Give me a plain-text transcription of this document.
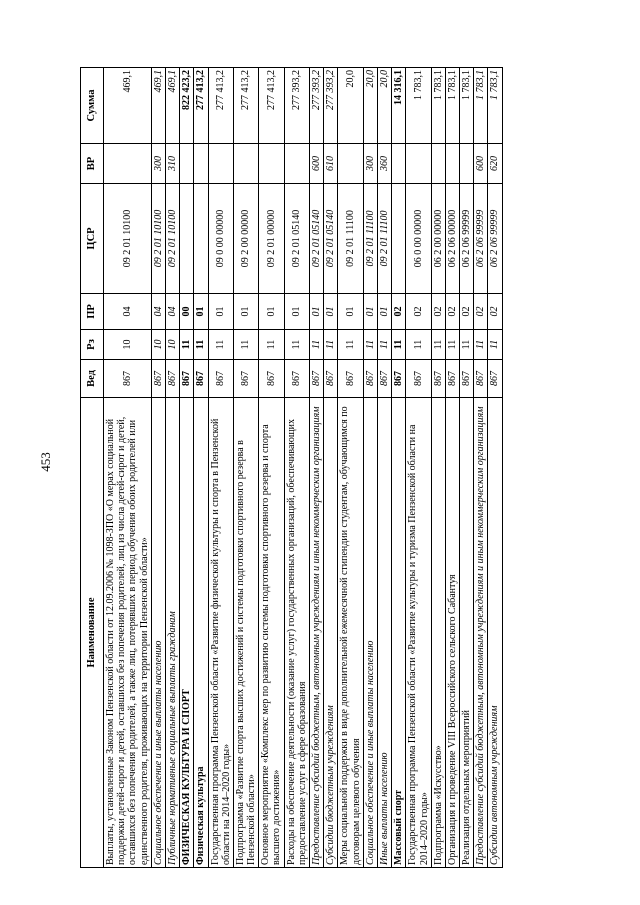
453
Наименование	Вед	Рз	ПР	ЦСР	ВР	Сумма
Выплаты, установленные Законом Пензенской области от 12.09.2006 № 1098-ЗПО «О мерах социальной поддержки детей-сирот и детей, оставшихся без попечения родителей, лиц из числа детей-сирот и детей, оставшихся без попечения родителей, а также лиц, потерявших в период обучения обоих родителей или единственного родителя, проживающих на территории Пензенской области»	867	10	04	09 2 01 10100		469,1
Социальное обеспечение и иные выплаты населению	867	10	04	09 2 01 10100	300	469,1
Публичные нормативные социальные выплаты гражданам	867	10	04	09 2 01 10100	310	469,1
ФИЗИЧЕСКАЯ КУЛЬТУРА И СПОРТ	867	11	00			822 423,2
Физическая культура	867	11	01			277 413,2
Государственная программа Пензенской области «Развитие физической культуры и спорта в Пензенской области на 2014–2020 годы»	867	11	01	09 0 00 00000		277 413,2
Подпрограмма «Развитие спорта высших достижений и системы подготовки спортивного резерва в Пензенской области»	867	11	01	09 2 00 00000		277 413,2
Основное мероприятие «Комплекс мер по развитию системы подготовки спортивного резерва и спорта высшего достижения»	867	11	01	09 2 01 00000		277 413,2
Расходы на обеспечение деятельности (оказание услуг) государственных организаций, обеспечивающих предоставление услуг в сфере образования	867	11	01	09 2 01 05140		277 393,2
Предоставление субсидий бюджетным, автономным учреждениям и иным некоммерческим организациям	867	11	01	09 2 01 05140	600	277 393,2
Субсидии бюджетным учреждениям	867	11	01	09 2 01 05140	610	277 393,2
Меры социальной поддержки в виде дополнительной ежемесячной стипендии студентам, обучающимся по договорам целевого обучения	867	11	01	09 2 01 11100		20,0
Социальное обеспечение и иные выплаты населению	867	11	01	09 2 01 11100	300	20,0
Иные выплаты населению	867	11	01	09 2 01 11100	360	20,0
Массовый спорт	867	11	02			14 316,1
Государственная программа Пензенской области «Развитие культуры и туризма Пензенской области на 2014–2020 годы»	867	11	02	06 0 00 00000		1 783,1
Подпрограмма «Искусство»	867	11	02	06 2 00 00000		1 783,1
Организация и проведение VIII Всероссийского сельского Сабантуя	867	11	02	06 2 06 00000		1 783,1
Реализация отдельных мероприятий	867	11	02	06 2 06 99999		1 783,1
Предоставление субсидий бюджетным, автономным учреждениям и иным некоммерческим организациям	867	11	02	06 2 06 99999	600	1 783,1
Субсидии автономным учреждениям	867	11	02	06 2 06 99999	620	1 783,1
